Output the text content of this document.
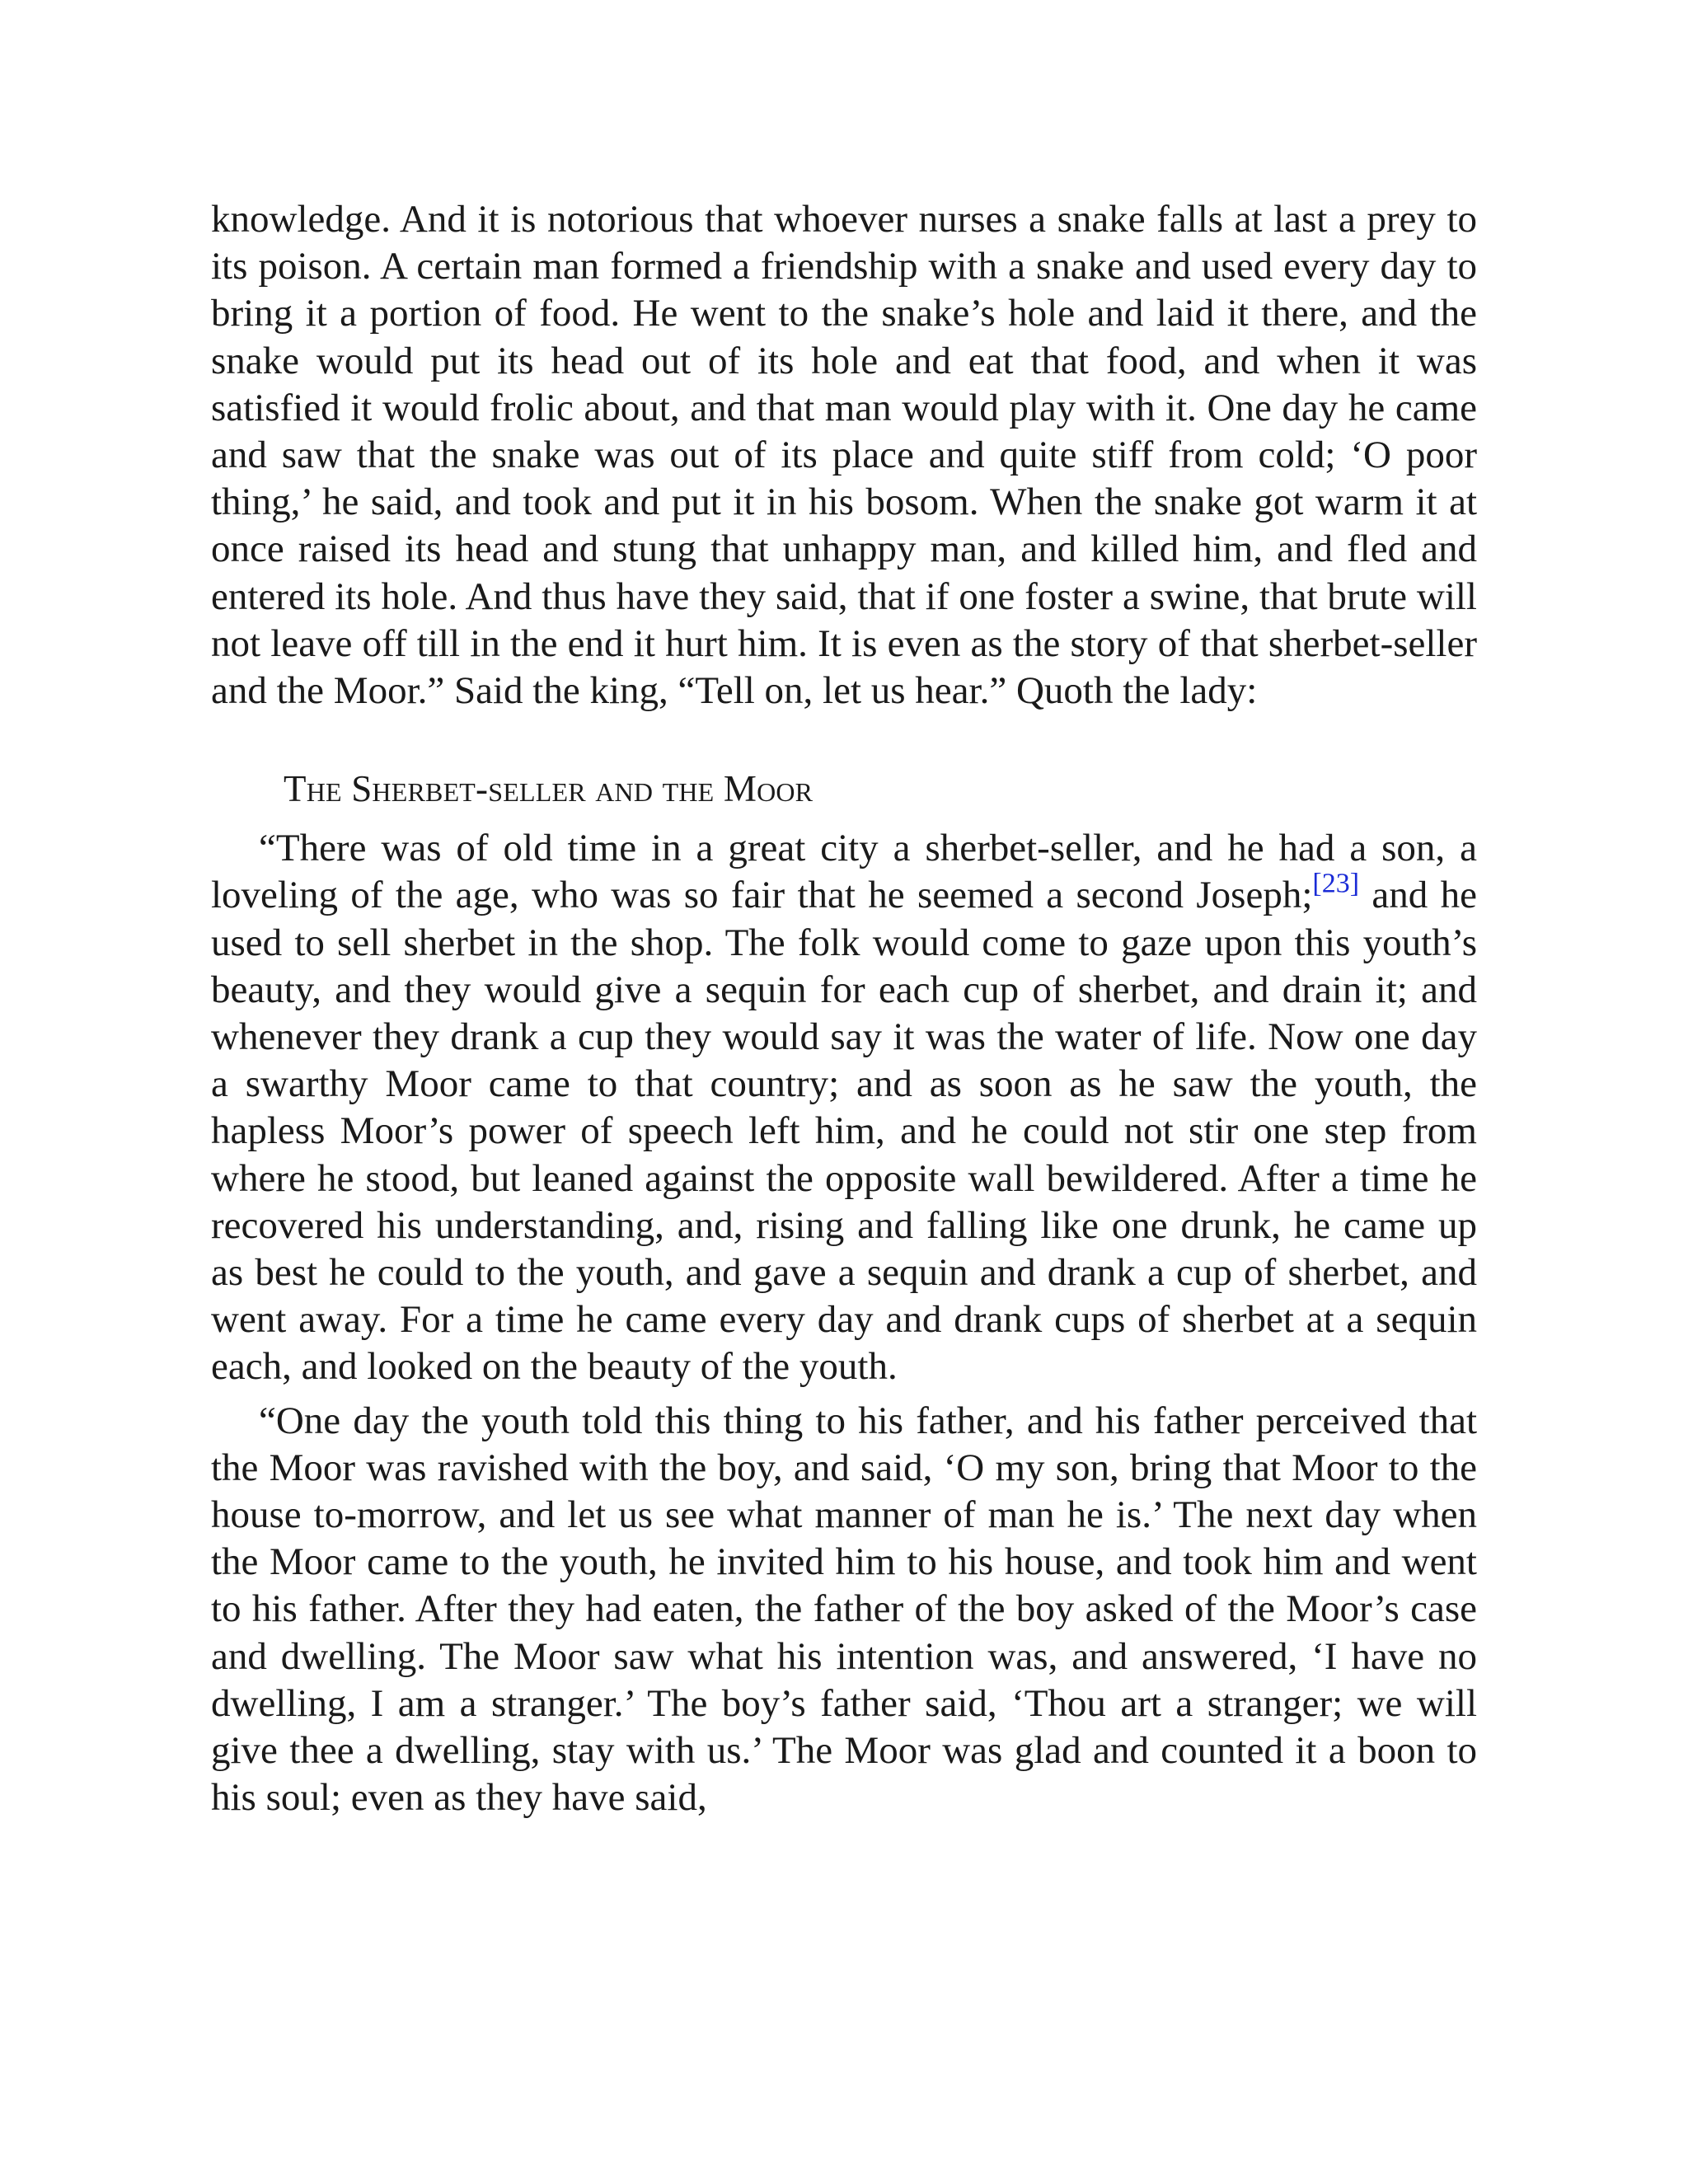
knowledge. And it is notorious that whoever nurses a snake falls at last a prey to its poison. A certain man formed a friendship with a snake and used every day to bring it a portion of food. He went to the snake’s hole and laid it there, and the snake would put its head out of its hole and eat that food, and when it was satisfied it would frolic about, and that man would play with it. One day he came and saw that the snake was out of its place and quite stiff from cold; ‘O poor thing,’ he said, and took and put it in his bosom. When the snake got warm it at once raised its head and stung that unhappy man, and killed him, and fled and entered its hole. And thus have they said, that if one foster a swine, that brute will not leave off till in the end it hurt him. It is even as the story of that sherbet-seller and the Moor.” Said the king, “Tell on, let us hear.” Quoth the lady:

The Sherbet-seller and the Moor

“There was of old time in a great city a sherbet-seller, and he had a son, a loveling of the age, who was so fair that he seemed a second Joseph;[23] and he used to sell sherbet in the shop. The folk would come to gaze upon this youth’s beauty, and they would give a sequin for each cup of sherbet, and drain it; and whenever they drank a cup they would say it was the water of life. Now one day a swarthy Moor came to that country; and as soon as he saw the youth, the hapless Moor’s power of speech left him, and he could not stir one step from where he stood, but leaned against the opposite wall bewildered. After a time he recovered his understanding, and, rising and falling like one drunk, he came up as best he could to the youth, and gave a sequin and drank a cup of sherbet, and went away. For a time he came every day and drank cups of sherbet at a sequin each, and looked on the beauty of the youth.

“One day the youth told this thing to his father, and his father perceived that the Moor was ravished with the boy, and said, ‘O my son, bring that Moor to the house to-morrow, and let us see what manner of man he is.’ The next day when the Moor came to the youth, he invited him to his house, and took him and went to his father. After they had eaten, the father of the boy asked of the Moor’s case and dwelling. The Moor saw what his intention was, and answered, ‘I have no dwelling, I am a stranger.’ The boy’s father said, ‘Thou art a stranger; we will give thee a dwelling, stay with us.’ The Moor was glad and counted it a boon to his soul; even as they have said,
